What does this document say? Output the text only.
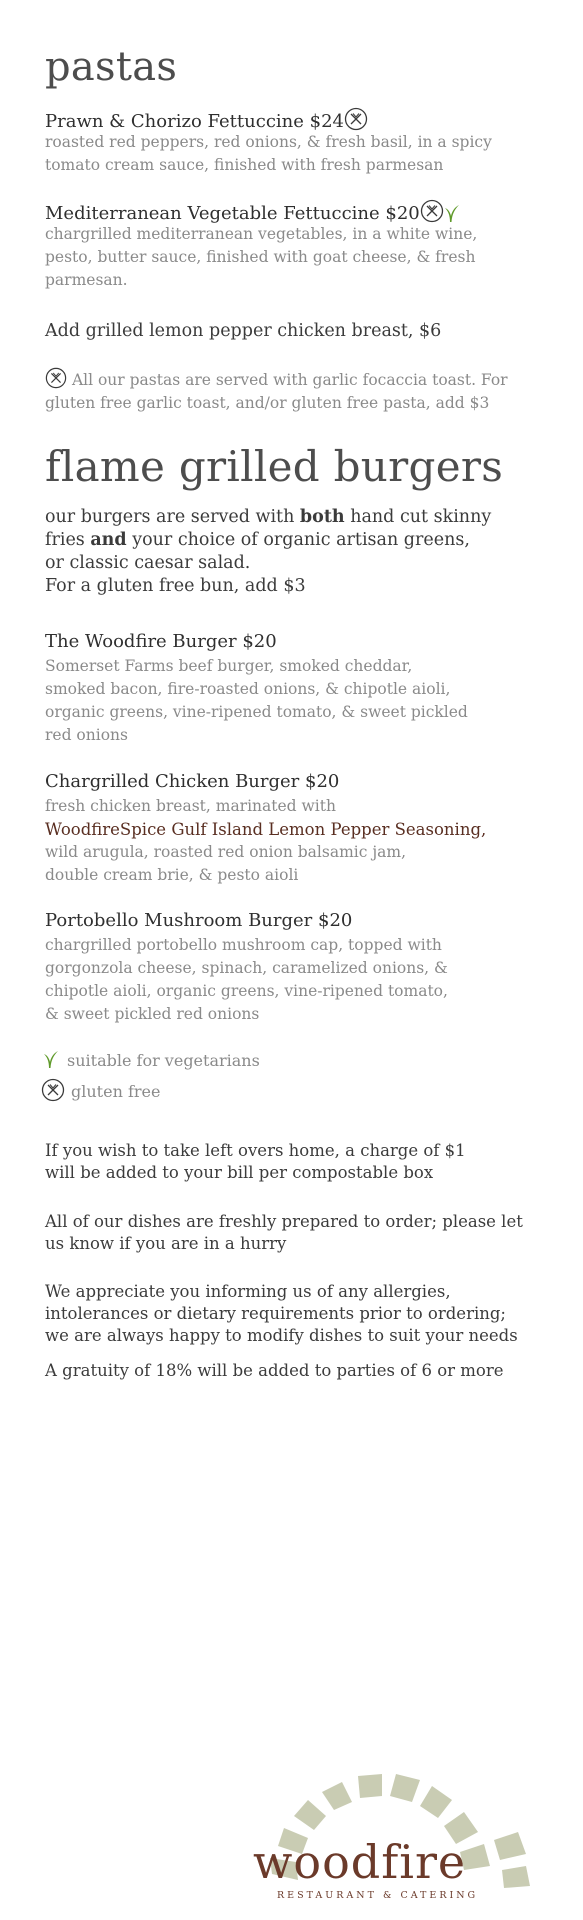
pastas
Prawn & Chorizo Fettuccine $24
roasted red peppers, red onions, & fresh basil, in a spicy
tomato cream sauce, finished with fresh parmesan
Mediterranean Vegetable Fettuccine $20
chargrilled mediterranean vegetables, in a white wine,
pesto, butter sauce, finished with goat cheese, & fresh
parmesan.
Add grilled lemon pepper chicken breast, $6
All our pastas are served with garlic focaccia toast. For
gluten free garlic toast, and/or gluten free pasta, add $3
flame grilled burgers
our burgers are served with both hand cut skinny
fries and your choice of organic artisan greens,
or classic caesar salad.
For a gluten free bun, add $3
The Woodfire Burger $20
Somerset Farms beef burger, smoked cheddar,
smoked bacon, fire-roasted onions, & chipotle aioli,
organic greens, vine-ripened tomato, & sweet pickled
red onions
Chargrilled Chicken Burger $20
fresh chicken breast, marinated with
WoodfireSpice Gulf Island Lemon Pepper Seasoning,
wild arugula, roasted red onion balsamic jam,
double cream brie, & pesto aioli
Portobello Mushroom Burger $20
chargrilled portobello mushroom cap, topped with
gorgonzola cheese, spinach, caramelized onions, &
chipotle aioli, organic greens, vine-ripened tomato,
& sweet pickled red onions
suitable for vegetarians
gluten free
If you wish to take left overs home, a charge of $1
will be added to your bill per compostable box
All of our dishes are freshly prepared to order; please let
us know if you are in a hurry
We appreciate you informing us of any allergies,
intolerances or dietary requirements prior to ordering;
we are always happy to modify dishes to suit your needs
A gratuity of 18% will be added to parties of 6 or more
woodfire
RESTAURANT & CATERING
